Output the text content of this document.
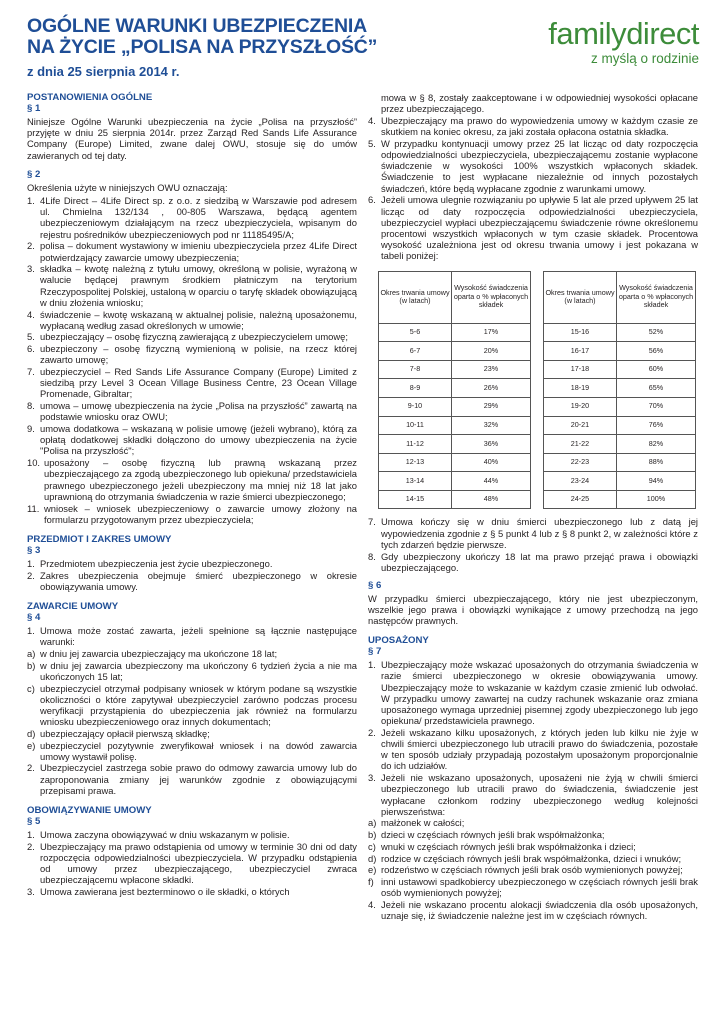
OGÓLNE WARUNKI UBEZPIECZENIA
NA ŻYCIE „POLISA NA PRZYSZŁOŚĆ”
z dnia 25 sierpnia 2014 r.
familydirect
z myślą o rodzinie
POSTANOWIENIA OGÓLNE
§ 1

Niniejsze Ogólne Warunki ubezpieczenia na życie „Polisa na przyszłość” przyjęte w dniu 25 sierpnia 2014r. przez Zarząd Red Sands Life Assurance Company (Europe) Limited, zwane dalej OWU, stosuje się do umów zawieranych od tej daty.

§ 2

Określenia użyte w niniejszych OWU oznaczają:

1. 4Life Direct – 4Life Direct sp. z o.o. z siedzibą w Warszawie pod adresem ul. Chmielna 132/134 , 00-805 Warszawa, będącą agentem ubezpieczeniowym działającym na rzecz ubezpieczyciela, wpisanym do rejestru pośredników ubezpieczeniowych pod nr 11185495/A;
2. polisa – dokument wystawiony w imieniu ubezpieczyciela przez 4Life Direct potwierdzający zawarcie umowy ubezpieczenia;
3. składka – kwotę należną z tytułu umowy, określoną w polisie, wyrażoną w walucie będącej prawnym środkiem płatniczym na terytorium Rzeczypospolitej Polskiej, ustaloną w oparciu o taryfę składek obowiązującą w dniu złożenia wniosku;
4. świadczenie – kwotę wskazaną w aktualnej polisie, należną uposażonemu, wypłacaną według zasad określonych w umowie;
5. ubezpieczający – osobę fizyczną zawierającą z ubezpieczycielem umowę;
6. ubezpieczony – osobę fizyczną wymienioną w polisie, na rzecz której zawarto umowę;
7. ubezpieczyciel – Red Sands Life Assurance Company (Europe) Limited z siedzibą przy Level 3 Ocean Village Business Centre, 23 Ocean Village Promenade, Gibraltar;
8. umowa – umowę ubezpieczenia na życie „Polisa na przyszłość” zawartą na podstawie wniosku oraz OWU;
9. umowa dodatkowa – wskazaną w polisie umowę (jeżeli wybrano), którą za opłatą dodatkowej składki dołączono do umowy ubezpieczenia na życie "Polisa na przyszłość";
10. uposażony – osobę fizyczną lub prawną wskazaną przez ubezpieczającego za zgodą ubezpieczonego lub opiekuna/ przedstawiciela prawnego ubezpieczonego jeżeli ubezpieczony ma mniej niż 18 lat jako uprawnioną do otrzymania świadczenia w razie śmierci ubezpieczonego;
11. wniosek – wniosek ubezpieczeniowy o zawarcie umowy złożony na formularzu przygotowanym przez ubezpieczyciela;
PRZEDMIOT I ZAKRES UMOWY
§ 3
1. Przedmiotem ubezpieczenia jest życie ubezpieczonego.
2. Zakres ubezpieczenia obejmuje śmierć ubezpieczonego w okresie obowiązywania umowy.
ZAWARCIE UMOWY
§ 4
1. Umowa może zostać zawarta, jeżeli spełnione są łącznie następujące warunki:
a) w dniu jej zawarcia ubezpieczający ma ukończone 18 lat;
b) w dniu jej zawarcia ubezpieczony ma ukończony 6 tydzień życia a nie ma ukończonych 15 lat;
c) ubezpieczyciel otrzymał podpisany wniosek w którym podane są wszystkie okoliczności o które zapytywał ubezpieczyciel zarówno podczas procesu weryfikacji przystąpienia do ubezpieczenia jak również na formularzu wniosku ubezpieczeniowego oraz innych dokumentach;
d) ubezpieczający opłacił pierwszą składkę;
e) ubezpieczyciel pozytywnie zweryfikował wniosek i na dowód zawarcia umowy wystawił polisę.
2. Ubezpieczyciel zastrzega sobie prawo do odmowy zawarcia umowy lub do zaproponowania zmiany jej warunków zgodnie z obowiązującymi przepisami prawa.
OBOWIĄZYWANIE UMOWY
§ 5
1. Umowa zaczyna obowiązywać w dniu wskazanym w polisie.
2. Ubezpieczający ma prawo odstąpienia od umowy w terminie 30 dni od daty rozpoczęcia odpowiedzialności ubezpieczyciela. W przypadku odstąpienia od umowy przez ubezpieczającego, ubezpieczyciel zwraca ubezpieczającemu wpłacone składki.
3. Umowa zawierana jest bezterminowo o ile składki, o których
mowa w § 8, zostały zaakceptowane i w odpowiedniej wysokości opłacane przez ubezpieczającego.
4. Ubezpieczający ma prawo do wypowiedzenia umowy w każdym czasie ze skutkiem na koniec okresu, za jaki została opłacona ostatnia składka.
5. W przypadku kontynuacji umowy przez 25 lat licząc od daty rozpoczęcia odpowiedzialności ubezpieczyciela, ubezpieczającemu zostanie wypłacone świadczenie w wysokości 100% wszystkich wpłaconych składek. Świadczenie to jest wypłacane niezależnie od innych pozostałych świadczeń, które będą wypłacane zgodnie z warunkami umowy.
6. Jeżeli umowa ulegnie rozwiązaniu po upływie 5 lat ale przed upływem 25 lat licząc od daty rozpoczęcia odpowiedzialności ubezpieczyciela, ubezpieczyciel wypłaci ubezpieczającemu świadczenie równe określonemu procentowi wszystkich wpłaconych w tym czasie składek. Procentowa wysokość uzależniona jest od okresu trwania umowy i jest pokazana w tabeli poniżej:
Okres trwania umowy (w latach)	Wysokość świadczenia oparta o % wpłaconych składek
5-6	17%
6-7	20%
7-8	23%
8-9	26%
9-10	29%
10-11	32%
11-12	36%
12-13	40%
13-14	44%
14-15	48%
Okres trwania umowy (w latach)	Wysokość świadczenia oparta o % wpłaconych składek
15-16	52%
16-17	56%
17-18	60%
18-19	65%
19-20	70%
20-21	76%
21-22	82%
22-23	88%
23-24	94%
24-25	100%
7. Umowa kończy się w dniu śmierci ubezpieczonego lub z datą jej wypowiedzenia zgodnie z § 5 punkt 4 lub z § 8 punkt 2, w zależności które z tych zdarzeń będzie pierwsze.
8. Gdy ubezpieczony ukończy 18 lat ma prawo przejąć prawa i obowiązki ubezpieczającego.
§ 6

W przypadku śmierci ubezpieczającego, który nie jest ubezpieczonym, wszelkie jego prawa i obowiązki wynikające z umowy przechodzą na jego następców prawnych.

UPOSAŻONY
§ 7
1. Ubezpieczający może wskazać uposażonych do otrzymania świadczenia w razie śmierci ubezpieczonego w okresie obowiązywania umowy. Ubezpieczający może to wskazanie w każdym czasie zmienić lub odwołać. W przypadku umowy zawartej na cudzy rachunek wskazanie oraz zmiana uposażonego wymaga uprzedniej pisemnej zgody ubezpieczonego lub jego opiekuna/ przedstawiciela prawnego.
2. Jeżeli wskazano kilku uposażonych, z których jeden lub kilku nie żyje w chwili śmierci ubezpieczonego lub utracili prawo do świadczenia, pozostałe w ten sposób udziały przypadają pozostałym uposażonym proporcjonalnie do ich udziałów.
3. Jeżeli nie wskazano uposażonych, uposażeni nie żyją w chwili śmierci ubezpieczonego lub utracili prawo do świadczenia, świadczenie jest wypłacane członkom rodziny ubezpieczonego według kolejności pierwszeństwa:
a) małżonek w całości;
b) dzieci w częściach równych jeśli brak współmałżonka;
c) wnuki w częściach równych jeśli brak współmałżonka i dzieci;
d) rodzice w częściach równych jeśli brak współmałżonka, dzieci i wnuków;
e) rodzeństwo w częściach równych jeśli brak osób wymienionych powyżej;
f) inni ustawowi spadkobiercy ubezpieczonego w częściach równych jeśli brak osób wymienionych powyżej;
4. Jeżeli nie wskazano procentu alokacji świadczenia dla osób uposażonych, uznaje się, iż świadczenie należne jest im w częściach równych.
